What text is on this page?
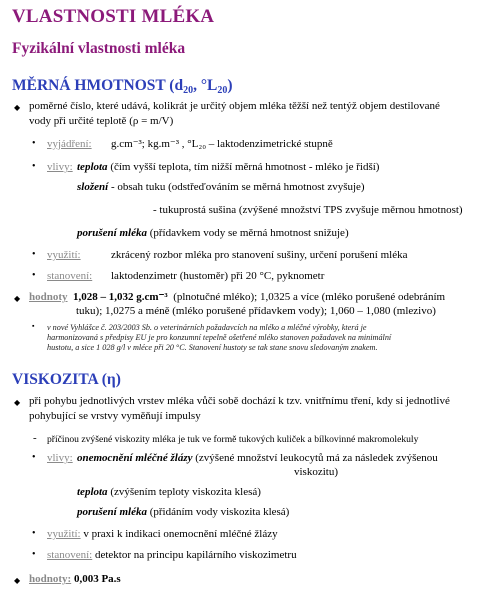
VLASTNOSTI MLÉKA
Fyzikální vlastnosti mléka
MĚRNÁ HMOTNOST ($d_{20}$, $^\circ L_{20}$)
◆ poměrné číslo, které udává, kolikrát je určitý objem mléka těžší než tentýž objem destilované
vody při určité teplotě (ρ = m/V)
• vyjádření: g.cm⁻³; kg.m⁻³ , °L₂₀ – laktodenzimetrické stupně
• vlivy: teplota (čím vyšší teplota, tím nižší měrná hmotnost - mléko je řidší)
složení - obsah tuku (odstřeďováním se měrná hmotnost zvyšuje)
- tukuprostá sušina (zvýšené množství TPS zvyšuje měrnou hmotnost)
porušení mléka (přídavkem vody se měrná hmotnost snižuje)
• využití:	zkrácený rozbor mléka pro stanovení sušiny, určení porušení mléka
• stanovení: laktodenzimetr (hustoměr) při 20 °C, pyknometr
◆ hodnoty 1,028 – 1,032 g.cm⁻³ (plnotučné mléko); 1,0325 a více (mléko porušené odebráním
tuku); 1,0275 a méně (mléko porušené přídavkem vody); 1,060 – 1,080 (mlezivo)
▪ v nové Vyhlášce č. 203/2003 Sb. o veterinárních požadavcích na mléko a mléčné výrobky, která je
harmonizovaná s předpisy EU je pro konzumní tepelně ošetřené mléko stanoven požadavek na minimální
hustotu, a sice 1 028 g/l v mléce při 20 °C. Stanovení hustoty se tak stane snovu sledovaným znakem.
VISKOZITA (η)
◆ při pohybu jednotlivých vrstev mléka vůči sobě dochází k tzv. vnitřnímu tření, kdy si jednotlivé
pohybující se vrstvy vyměňují impulsy
- příčinou zvýšené viskozity mléka je tuk ve formě tukových kuliček a bílkovinné makromolekuly
• vlivy: onemocnění mléčné žlázy (zvýšené množství leukocytů má za následek zvýšenou
viskozitu)
teplota (zvýšením teploty viskozita klesá)
porušení mléka (přidáním vody viskozita klesá)
• využití: v praxi k indikaci onemocnění mléčné žlázy
• stanovení: detektor na principu kapilárního viskozimetru
◆ hodnoty: 0,003 Pa.s
